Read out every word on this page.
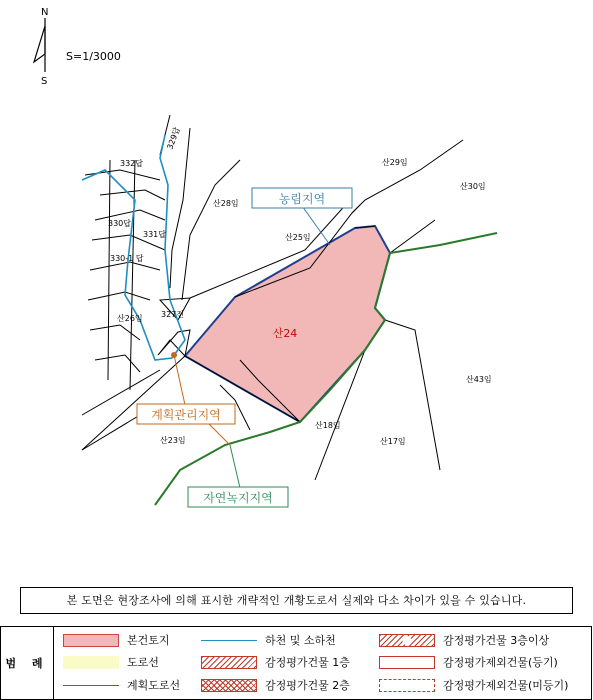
N
S
S=1/3000
농림지역
계획관리지역
자연녹지지역
산24
332답
330답
331답
330-1 답
327전
산26임
산28임
산25임
산29임
산30임
산43임
산18임
산17임
산23임
329답
본 도면은 현장조사에 의해 표시한 개략적인 개황도로서 실제와 다소 차이가 있을 수 있습니다.
범 례
본건토지
도로선
계획도로선
하천 및 소하천
감정평가건물 1층
감정평가건물 2층
감정평가건물 3층이상
감정평가제외건물(등기)
감정평가제외건물(미등기)
